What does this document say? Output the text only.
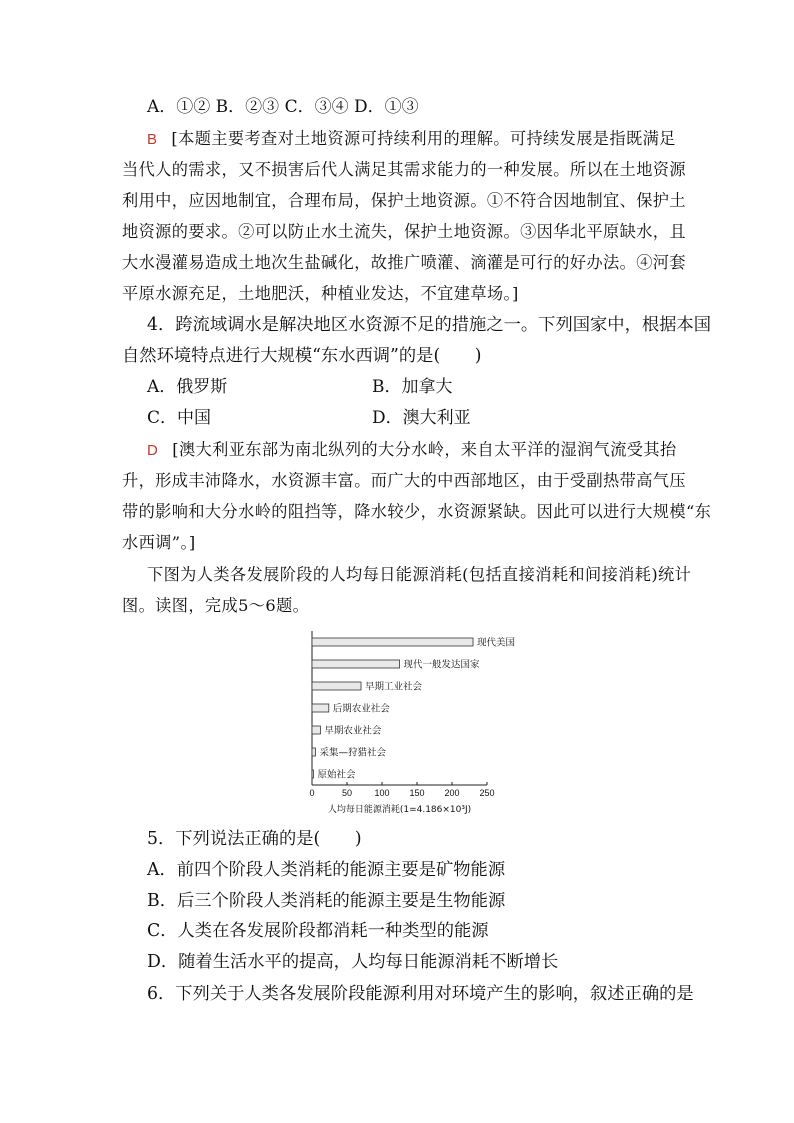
A．①② B．②③ C．③④ D．①③
B [本题主要考查对土地资源可持续利用的理解。可持续发展是指既满足
当代人的需求，又不损害后代人满足其需求能力的一种发展。所以在土地资源
利用中，应因地制宜，合理布局，保护土地资源。①不符合因地制宜、保护土
地资源的要求。②可以防止水土流失，保护土地资源。③因华北平原缺水，且
大水漫灌易造成土地次生盐碱化，故推广喷灌、滴灌是可行的好办法。④河套
平原水源充足，土地肥沃，种植业发达，不宜建草场。]
4．跨流域调水是解决地区水资源不足的措施之一。下列国家中，根据本国
自然环境特点进行大规模“东水西调”的是(　　)
A．俄罗斯	B．加拿大
C．中国	D．澳大利亚
D [澳大利亚东部为南北纵列的大分水岭，来自太平洋的湿润气流受其抬
升，形成丰沛降水，水资源丰富。而广大的中西部地区，由于受副热带高气压
带的影响和大分水岭的阻挡等，降水较少，水资源紧缺。因此可以进行大规模“东
水西调”。]
下图为人类各发展阶段的人均每日能源消耗(包括直接消耗和间接消耗)统计
图。读图，完成5～6题。
0	50 100 150 200 250
现代美国
现代一般发达国家
早期工业社会
后期农业社会
早期农业社会
采集—狩猎社会
原始社会
人均每日能源消耗(1=4.186×10³J)
5．下列说法正确的是(　　)
A．前四个阶段人类消耗的能源主要是矿物能源
B．后三个阶段人类消耗的能源主要是生物能源
C．人类在各发展阶段都消耗一种类型的能源
D．随着生活水平的提高，人均每日能源消耗不断增长
6．下列关于人类各发展阶段能源利用对环境产生的影响，叙述正确的是
